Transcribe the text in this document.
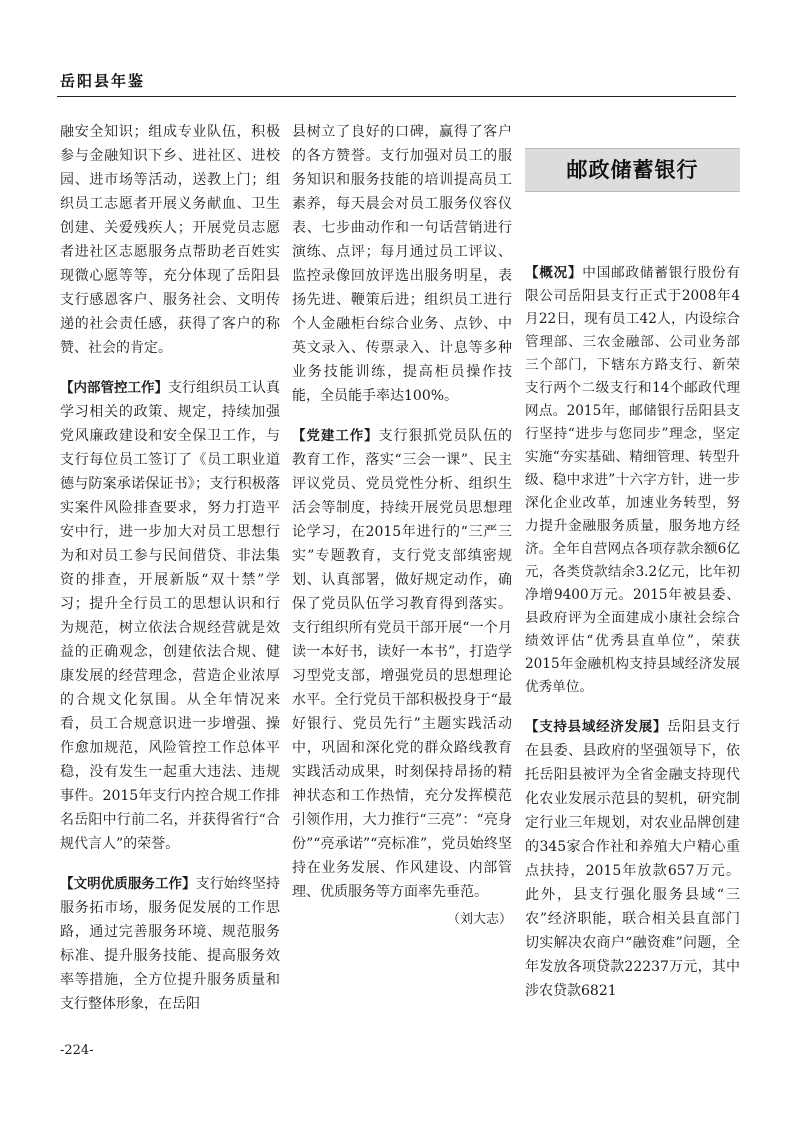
岳阳县年鉴

融安全知识；组成专业队伍，积极参与金融知识下乡、进社区、进校园、进市场等活动，送教上门；组织员工志愿者开展义务献血、卫生创建、关爱残疾人；开展党员志愿者进社区志愿服务点帮助老百姓实现微心愿等等，充分体现了岳阳县支行感恩客户、服务社会、文明传递的社会责任感，获得了客户的称赞、社会的肯定。

【内部管控工作】支行组织员工认真学习相关的政策、规定，持续加强党风廉政建设和安全保卫工作，与支行每位员工签订了《员工职业道德与防案承诺保证书》；支行积极落实案件风险排查要求，努力打造平安中行，进一步加大对员工思想行为和对员工参与民间借贷、非法集资的排查，开展新版“双十禁”学习；提升全行员工的思想认识和行为规范，树立依法合规经营就是效益的正确观念，创建依法合规、健康发展的经营理念，营造企业浓厚的合规文化氛围。从全年情况来看，员工合规意识进一步增强、操作愈加规范，风险管控工作总体平稳，没有发生一起重大违法、违规事件。2015年支行内控合规工作排名岳阳中行前二名，并获得省行“合规代言人”的荣誉。

【文明优质服务工作】支行始终坚持服务拓市场，服务促发展的工作思路，通过完善服务环境、规范服务标准、提升服务技能、提高服务效率等措施，全方位提升服务质量和支行整体形象，在岳阳

县树立了良好的口碑，赢得了客户的各方赞誉。支行加强对员工的服务知识和服务技能的培训提高员工素养，每天晨会对员工服务仪容仪表、七步曲动作和一句话营销进行演练、点评；每月通过员工评议、监控录像回放评选出服务明星，表扬先进、鞭策后进；组织员工进行个人金融柜台综合业务、点钞、中英文录入、传票录入、计息等多种业务技能训练，提高柜员操作技能，全员能手率达100%。

【党建工作】支行狠抓党员队伍的教育工作，落实“三会一课”、民主评议党员、党员党性分析、组织生活会等制度，持续开展党员思想理论学习，在2015年进行的“三严三实”专题教育，支行党支部缜密规划、认真部署，做好规定动作，确保了党员队伍学习教育得到落实。支行组织所有党员干部开展“一个月读一本好书，读好一本书”，打造学习型党支部，增强党员的思想理论水平。全行党员干部积极投身于“最好银行、党员先行”主题实践活动中，巩固和深化党的群众路线教育实践活动成果，时刻保持昂扬的精神状态和工作热情，充分发挥模范引领作用，大力推行“三亮”：“亮身份”“亮承诺”“亮标准”，党员始终坚持在业务发展、作风建设、内部管理、优质服务等方面率先垂范。

（刘大志）

邮政储蓄银行

【概况】中国邮政储蓄银行股份有限公司岳阳县支行正式于2008年4月22日，现有员工42人，内设综合管理部、三农金融部、公司业务部三个部门，下辖东方路支行、新荣支行两个二级支行和14个邮政代理网点。2015年，邮储银行岳阳县支行坚持“进步与您同步”理念，坚定实施“夯实基础、精细管理、转型升级、稳中求进”十六字方针，进一步深化企业改革，加速业务转型，努力提升金融服务质量，服务地方经济。全年自营网点各项存款余额6亿元，各类贷款结余3.2亿元，比年初净增9400万元。2015年被县委、县政府评为全面建成小康社会综合绩效评估“优秀县直单位”，荣获2015年金融机构支持县域经济发展优秀单位。

【支持县域经济发展】岳阳县支行在县委、县政府的坚强领导下，依托岳阳县被评为全省金融支持现代化农业发展示范县的契机，研究制定行业三年规划，对农业品牌创建的345家合作社和养殖大户精心重点扶持，2015年放款657万元。此外，县支行强化服务县域“三农”经济职能，联合相关县直部门切实解决农商户“融资难”问题，全年发放各项贷款22237万元，其中涉农贷款6821

-224-
